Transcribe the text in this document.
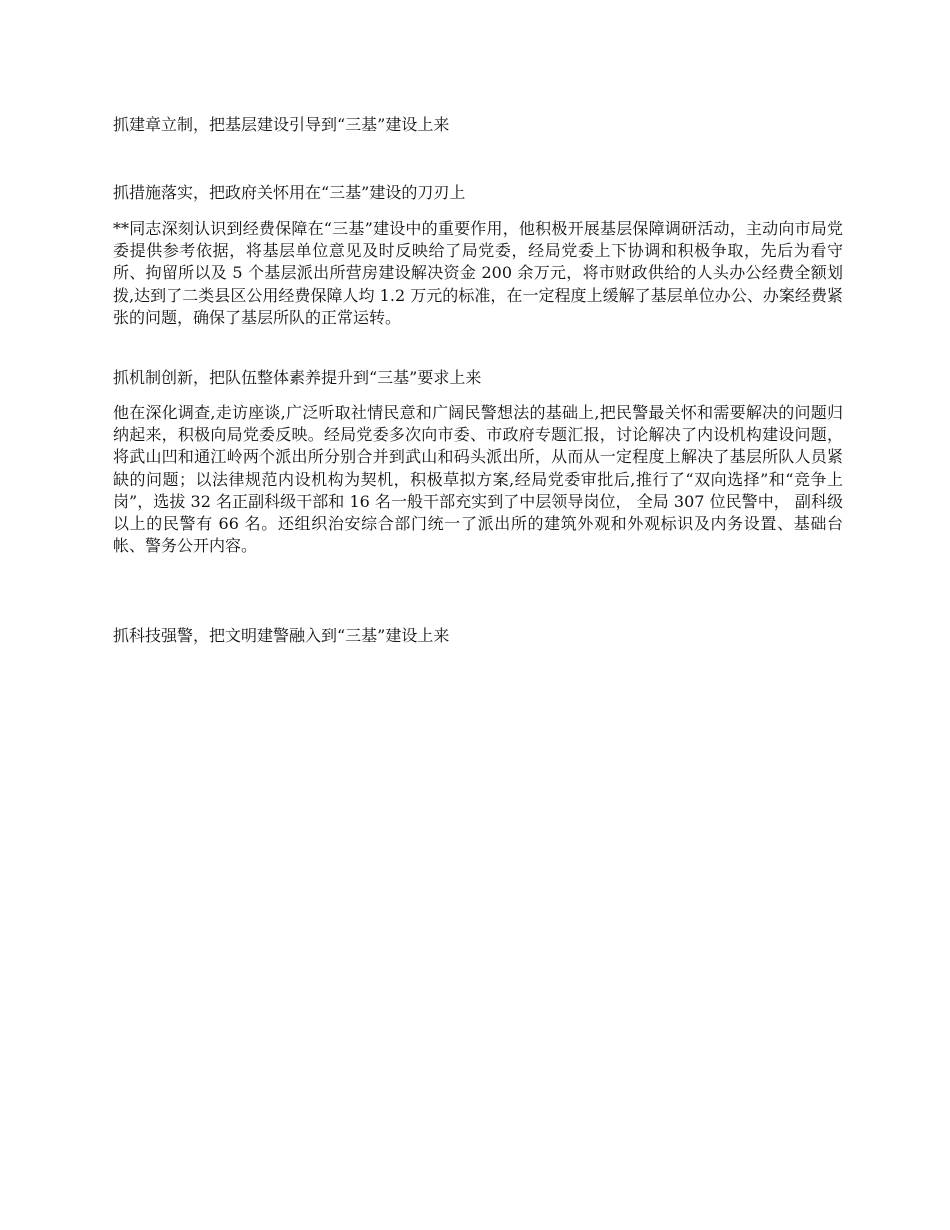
抓建章立制，把基层建设引导到“三基”建设上来
抓措施落实，把政府关怀用在“三基”建设的刀刃上
**同志深刻认识到经费保障在“三基”建设中的重要作用，他积极开展基层保障调研活动，主动向市局党委提供参考依据，将基层单位意见及时反映给了局党委，经局党委上下协调和积极争取，先后为看守所、拘留所以及 5 个基层派出所营房建设解决资金 200 余万元，将市财政供给的人头办公经费全额划拨,达到了二类县区公用经费保障人均 1.2 万元的标准，在一定程度上缓解了基层单位办公、办案经费紧张的问题，确保了基层所队的正常运转。
抓机制创新，把队伍整体素养提升到“三基”要求上来
他在深化调查,走访座谈,广泛听取社情民意和广阔民警想法的基础上,把民警最关怀和需要解决的问题归纳起来，积极向局党委反映。经局党委多次向市委、市政府专题汇报，讨论解决了内设机构建设问题，将武山凹和通江岭两个派出所分别合并到武山和码头派出所，从而从一定程度上解决了基层所队人员紧缺的问题；以法律规范内设机构为契机，积极草拟方案,经局党委审批后,推行了“双向选择”和“竞争上岗”，选拔 32 名正副科级干部和 16 名一般干部充实到了中层领导岗位， 全局 307 位民警中， 副科级以上的民警有 66 名。还组织治安综合部门统一了派出所的建筑外观和外观标识及内务设置、基础台帐、警务公开内容。
抓科技强警，把文明建警融入到“三基”建设上来
